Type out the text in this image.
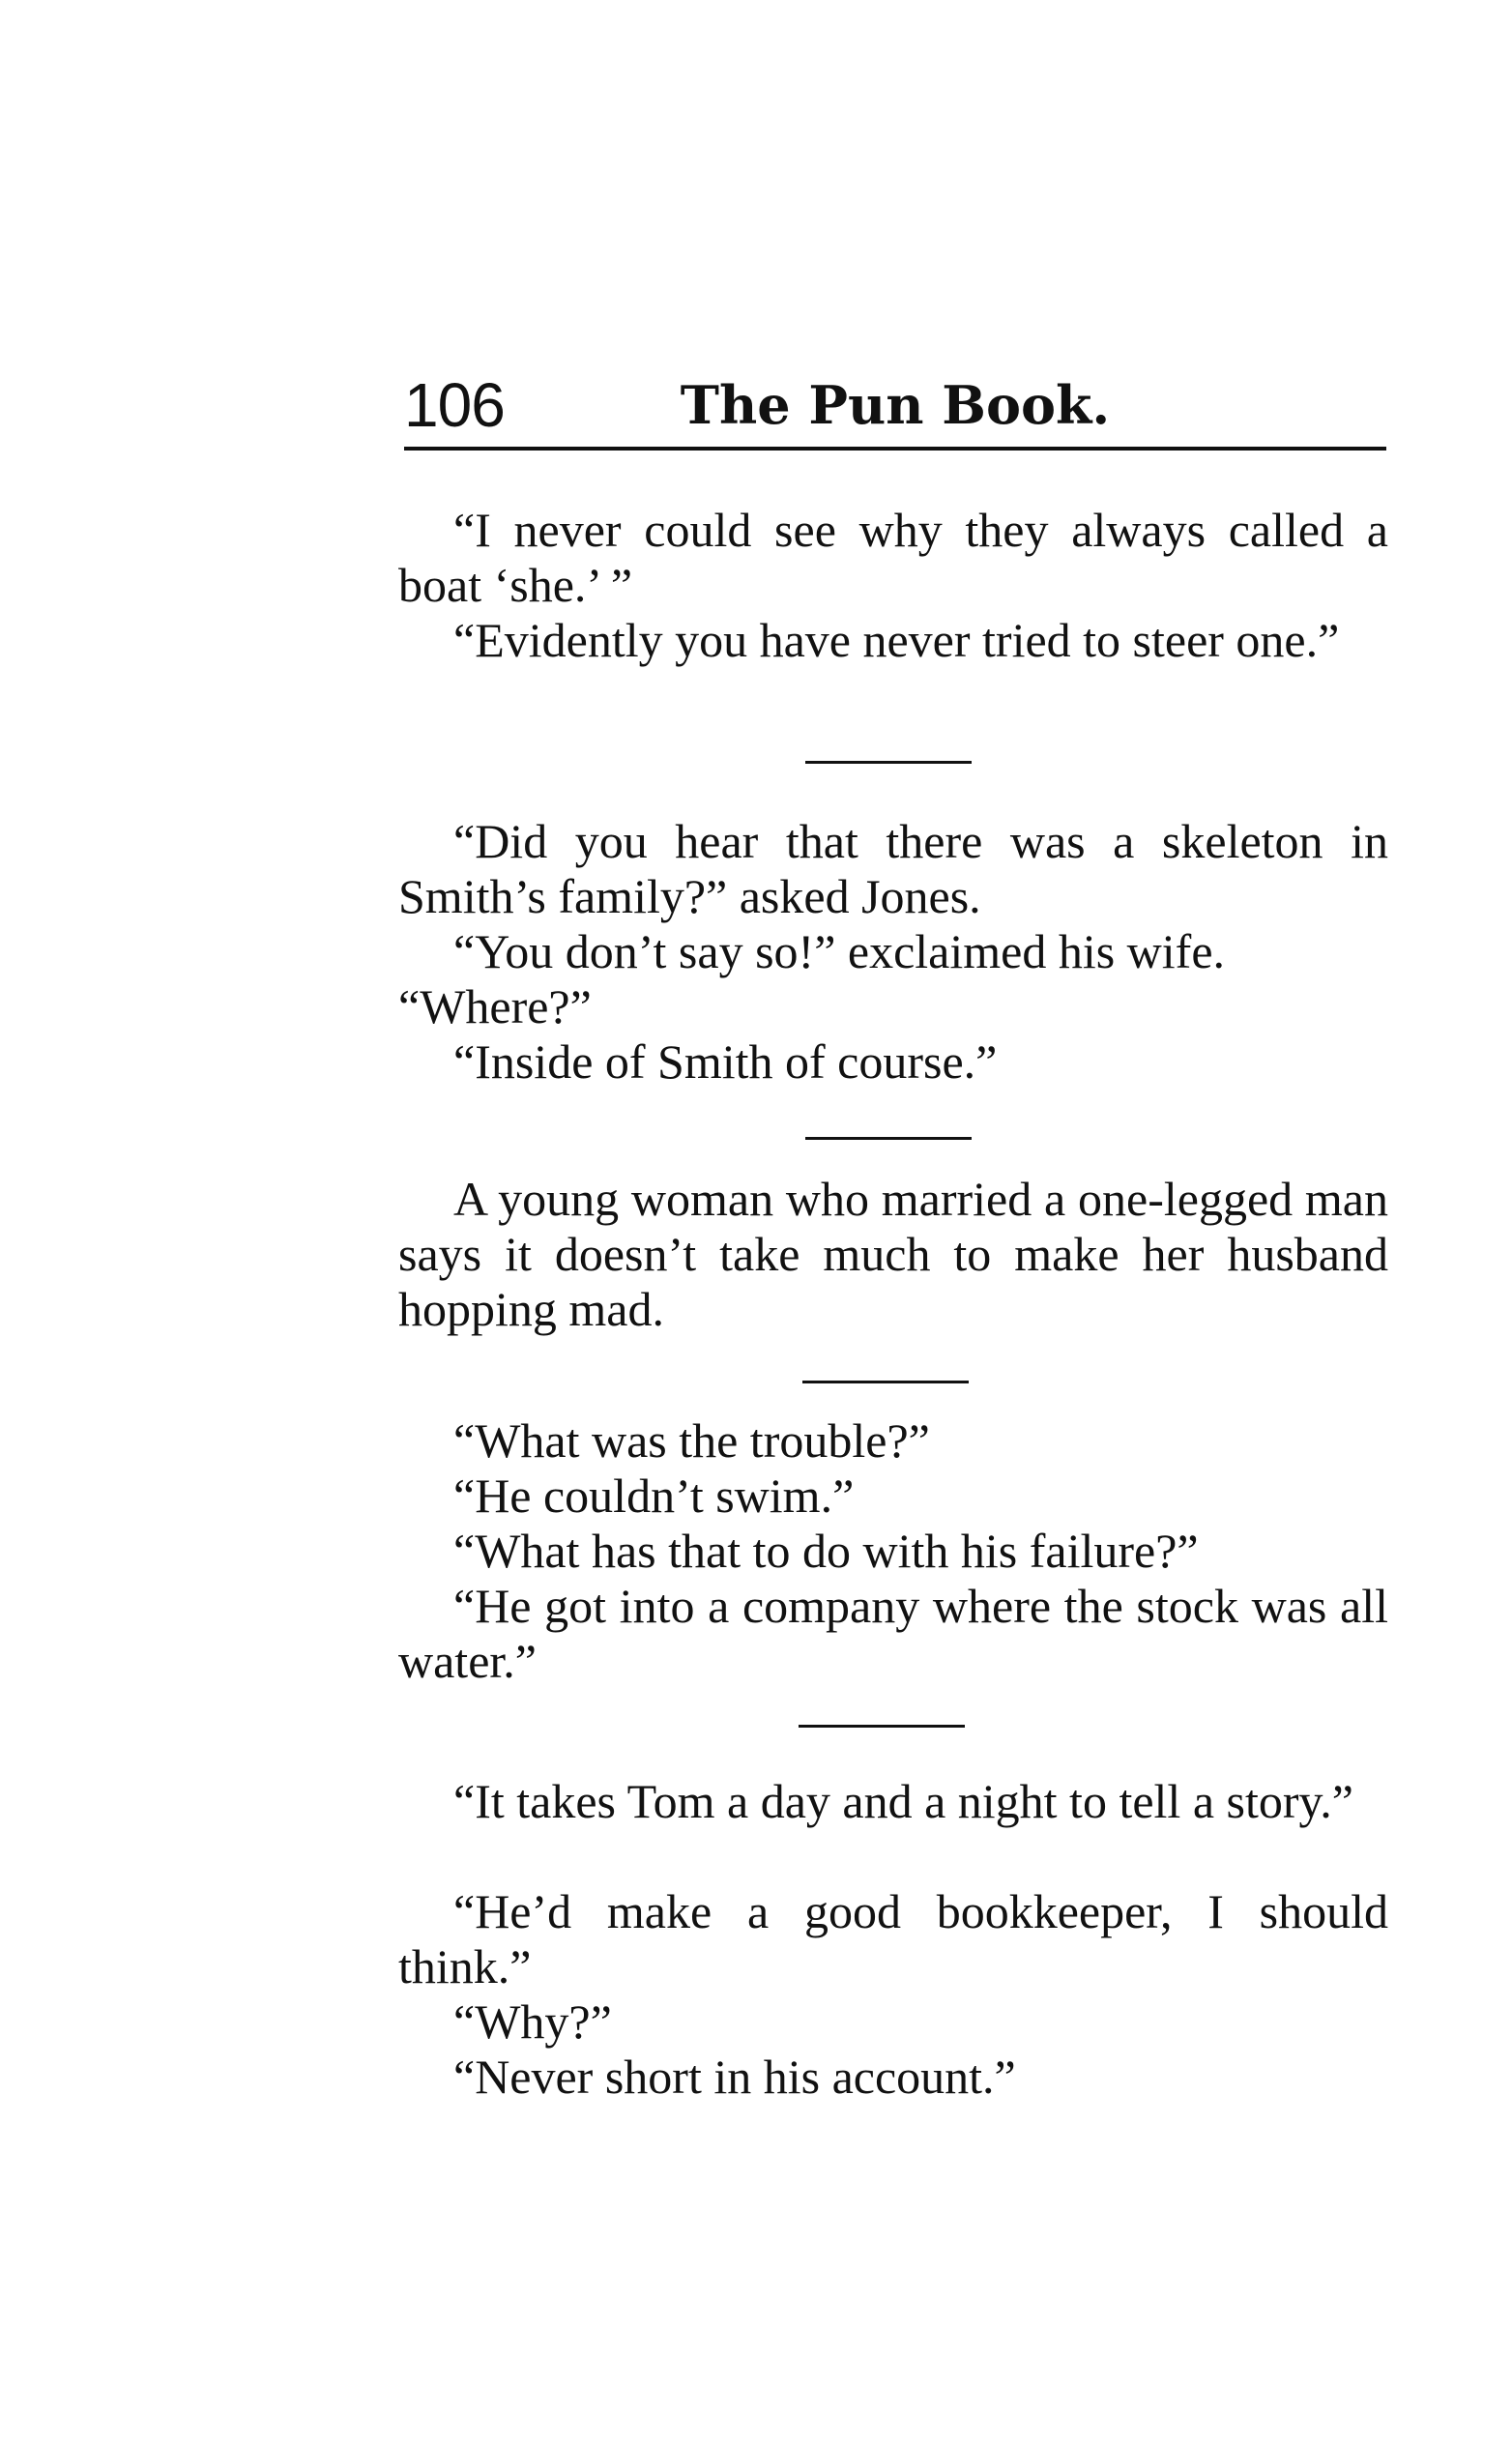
106	The Pun Book.

“I never could see why they always called a boat ‘she.’ ”

“Evidently you have never tried to steer one.”

“Did you hear that there was a skeleton in Smith’s family?” asked Jones.

“You don’t say so!” exclaimed his wife.

“Where?”

“Inside of Smith of course.”

A young woman who married a one-legged man says it doesn’t take much to make her husband hopping mad.

“What was the trouble?”

“He couldn’t swim.”

“What has that to do with his failure?”

“He got into a company where the stock was all water.”

“It takes Tom a day and a night to tell a story.”

“He’d make a good bookkeeper, I should think.”

“Why?”

“Never short in his account.”
